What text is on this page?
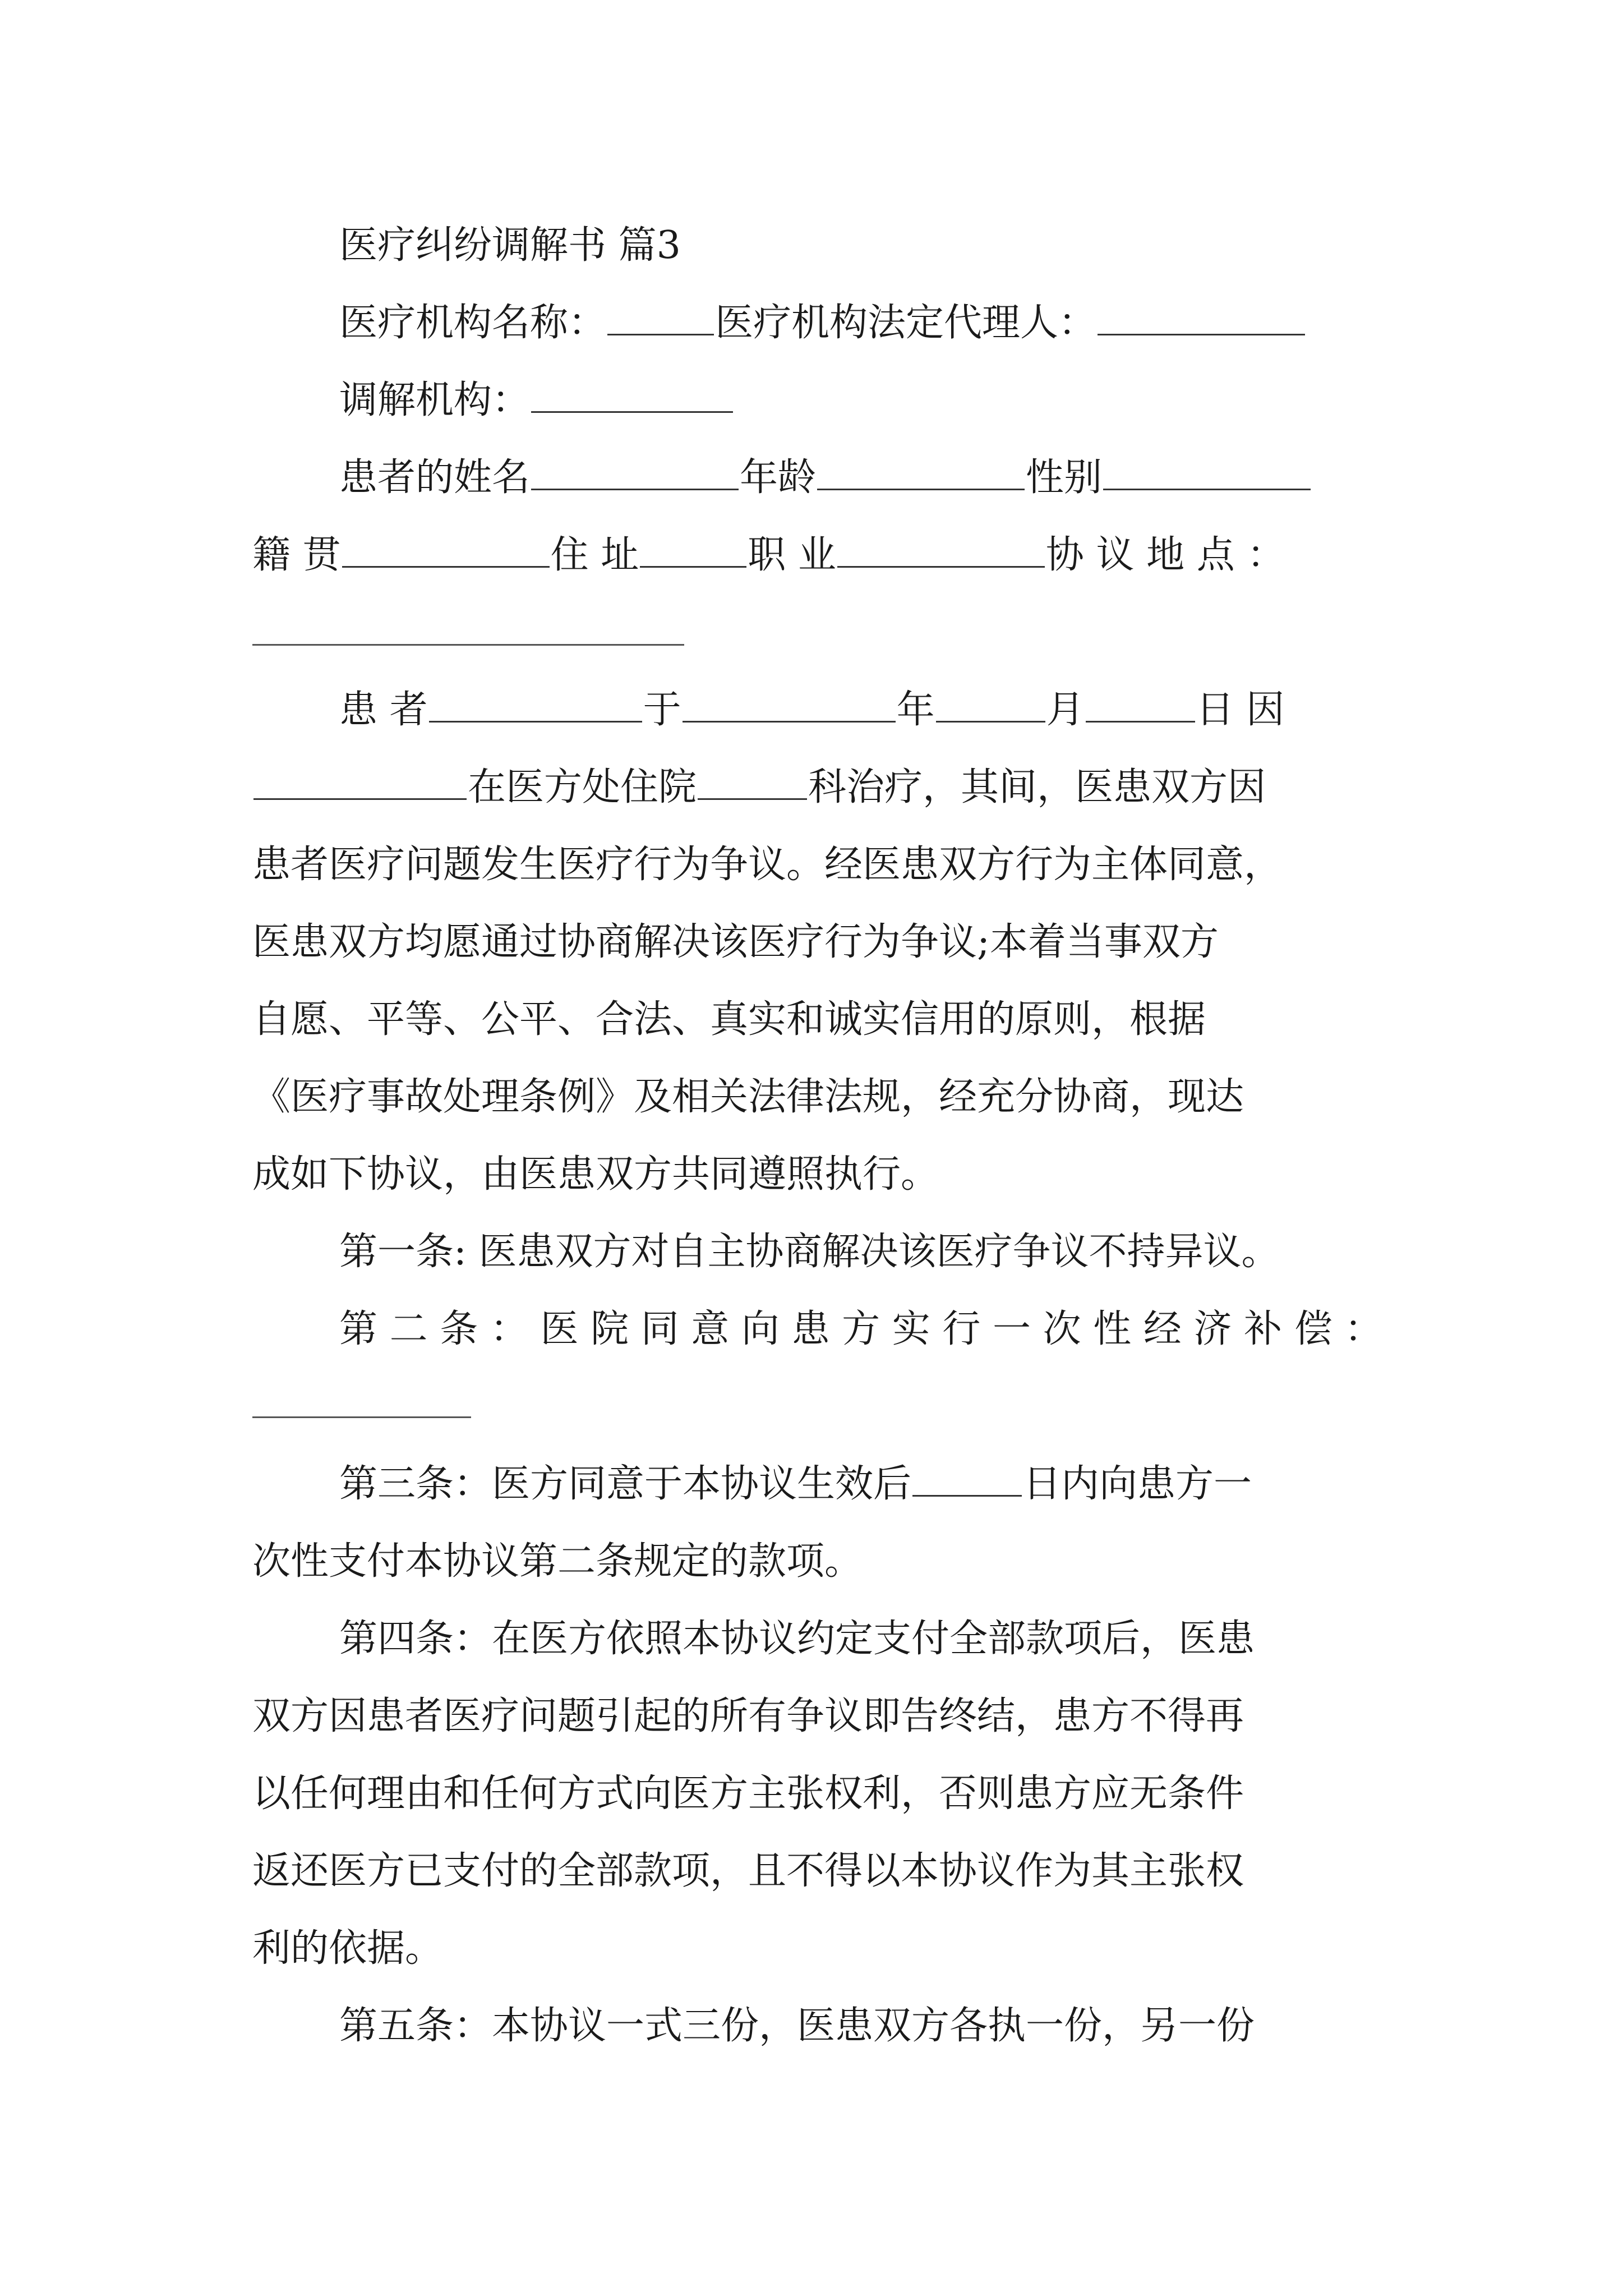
医疗纠纷调解书 篇3
医疗机构名称：	医疗机构法定代理人：
调解机构：
患者的姓名	年龄	性别
籍 贯	住 址	职 业	协 议 地 点 ：
患 者	于	年	月	日 因
在医方处住院	科治疗，其间，医患双方因
患者医疗问题发生医疗行为争议。经医患双方行为主体同意，
医患双方均愿通过协商解决该医疗行为争议;本着当事双方
自愿、平等、公平、合法、真实和诚实信用的原则，根据
《医疗事故处理条例》及相关法律法规，经充分协商，现达
成如下协议，由医患双方共同遵照执行。
第一条: 医患双方对自主协商解决该医疗争议不持异议。
第 二 条 ： 医 院 同 意 向 患 方 实 行 一 次 性 经 济 补 偿 ：
第三条：医方同意于本协议生效后	日内向患方一
次性支付本协议第二条规定的款项。
第四条：在医方依照本协议约定支付全部款项后，医患
双方因患者医疗问题引起的所有争议即告终结，患方不得再
以任何理由和任何方式向医方主张权利，否则患方应无条件
返还医方已支付的全部款项，且不得以本协议作为其主张权
利的依据。
第五条：本协议一式三份，医患双方各执一份，另一份
